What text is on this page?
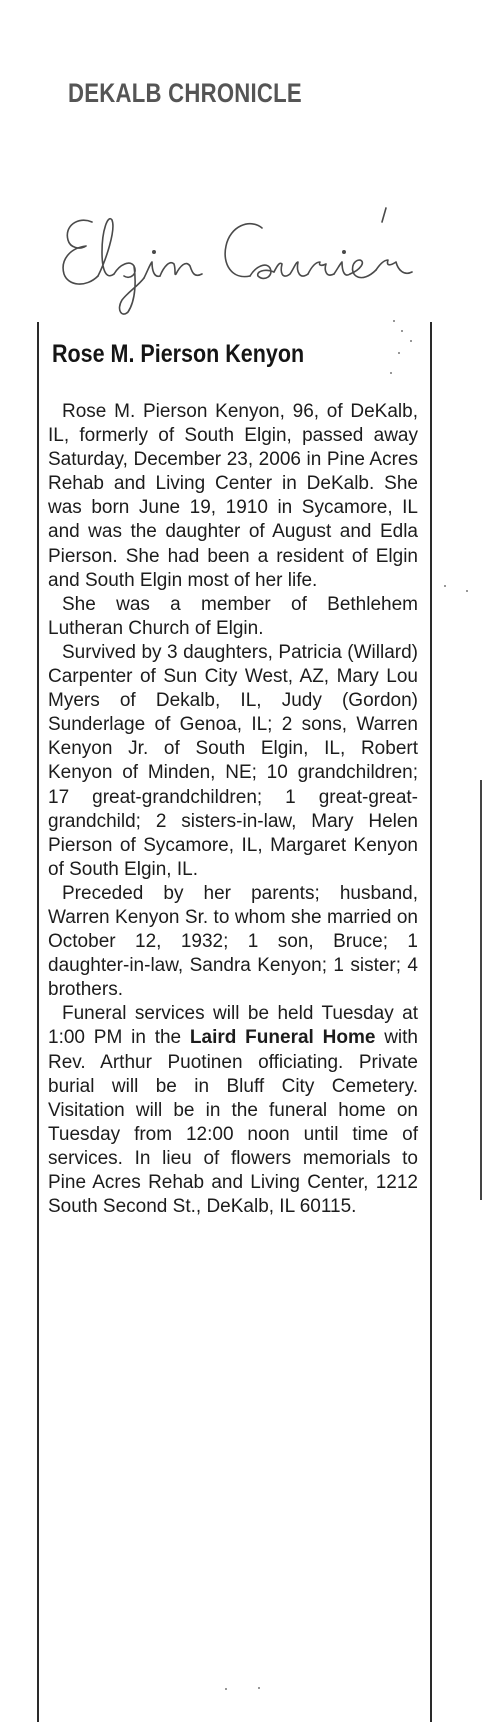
DEKALB CHRONICLE
Rose M. Pierson Kenyon

Rose M. Pierson Kenyon, 96, of DeKalb, IL, formerly of South Elgin, passed away Saturday, December 23, 2006 in Pine Acres Rehab and Living Center in DeKalb. She was born June 19, 1910 in Sycamore, IL and was the daughter of August and Edla Pierson. She had been a resident of Elgin and South Elgin most of her life.

She was a member of Bethlehem Lutheran Church of Elgin.

Survived by 3 daughters, Patricia (Willard) Carpenter of Sun City West, AZ, Mary Lou Myers of Dekalb, IL, Judy (Gordon) Sunderlage of Genoa, IL; 2 sons, Warren Kenyon Jr. of South Elgin, IL, Robert Kenyon of Minden, NE; 10 grandchildren; 17 great-grandchildren; 1 great-great-grandchild; 2 sisters-in-law, Mary Helen Pierson of Sycamore, IL, Margaret Kenyon of South Elgin, IL.

Preceded by her parents; husband, Warren Kenyon Sr. to whom she married on October 12, 1932; 1 son, Bruce; 1 daughter-in-law, Sandra Kenyon; 1 sister; 4 brothers.

Funeral services will be held Tuesday at 1:00 PM in the Laird Funeral Home with Rev. Arthur Puotinen officiating. Private burial will be in Bluff City Cemetery. Visitation will be in the funeral home on Tuesday from 12:00 noon until time of services. In lieu of flowers memorials to Pine Acres Rehab and Living Center, 1212 South Second St., DeKalb, IL 60115.
